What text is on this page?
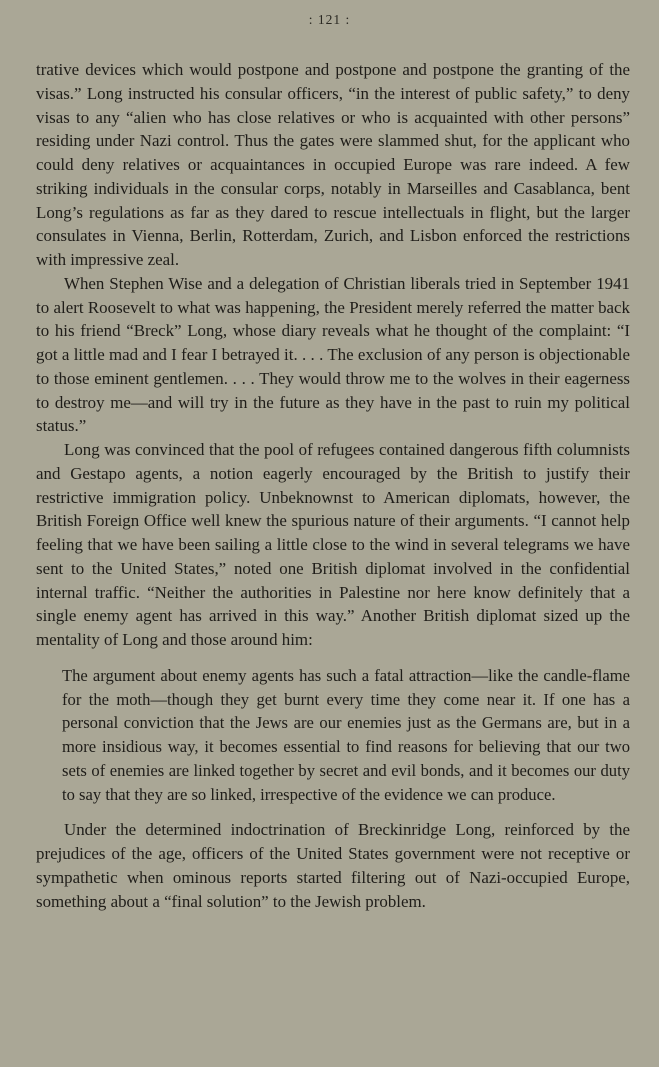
: 121 :

trative devices which would postpone and postpone and postpone the granting of the visas.” Long instructed his consular officers, “in the interest of public safety,” to deny visas to any “alien who has close relatives or who is acquainted with other persons” residing under Nazi control. Thus the gates were slammed shut, for the applicant who could deny relatives or acquaintances in occupied Europe was rare indeed. A few striking individuals in the consular corps, notably in Marseilles and Casablanca, bent Long’s regulations as far as they dared to rescue intellectuals in flight, but the larger consulates in Vienna, Berlin, Rotterdam, Zurich, and Lisbon enforced the restrictions with impressive zeal.

When Stephen Wise and a delegation of Christian liberals tried in September 1941 to alert Roosevelt to what was happening, the President merely referred the matter back to his friend “Breck” Long, whose diary reveals what he thought of the complaint: “I got a little mad and I fear I betrayed it. . . . The exclusion of any person is objectionable to those eminent gentlemen. . . . They would throw me to the wolves in their eagerness to destroy me—and will try in the future as they have in the past to ruin my political status.”

Long was convinced that the pool of refugees contained dangerous fifth columnists and Gestapo agents, a notion eagerly encouraged by the British to justify their restrictive immigration policy. Unbeknownst to American diplomats, however, the British Foreign Office well knew the spurious nature of their arguments. “I cannot help feeling that we have been sailing a little close to the wind in several telegrams we have sent to the United States,” noted one British diplomat involved in the confidential internal traffic. “Neither the authorities in Palestine nor here know definitely that a single enemy agent has arrived in this way.” Another British diplomat sized up the mentality of Long and those around him:

The argument about enemy agents has such a fatal attraction—like the candle-flame for the moth—though they get burnt every time they come near it. If one has a personal conviction that the Jews are our enemies just as the Germans are, but in a more insidious way, it becomes essential to find reasons for believing that our two sets of enemies are linked together by secret and evil bonds, and it becomes our duty to say that they are so linked, irrespective of the evidence we can produce.

Under the determined indoctrination of Breckinridge Long, reinforced by the prejudices of the age, officers of the United States government were not receptive or sympathetic when ominous reports started filtering out of Nazi-occupied Europe, something about a “final solution” to the Jewish problem.
